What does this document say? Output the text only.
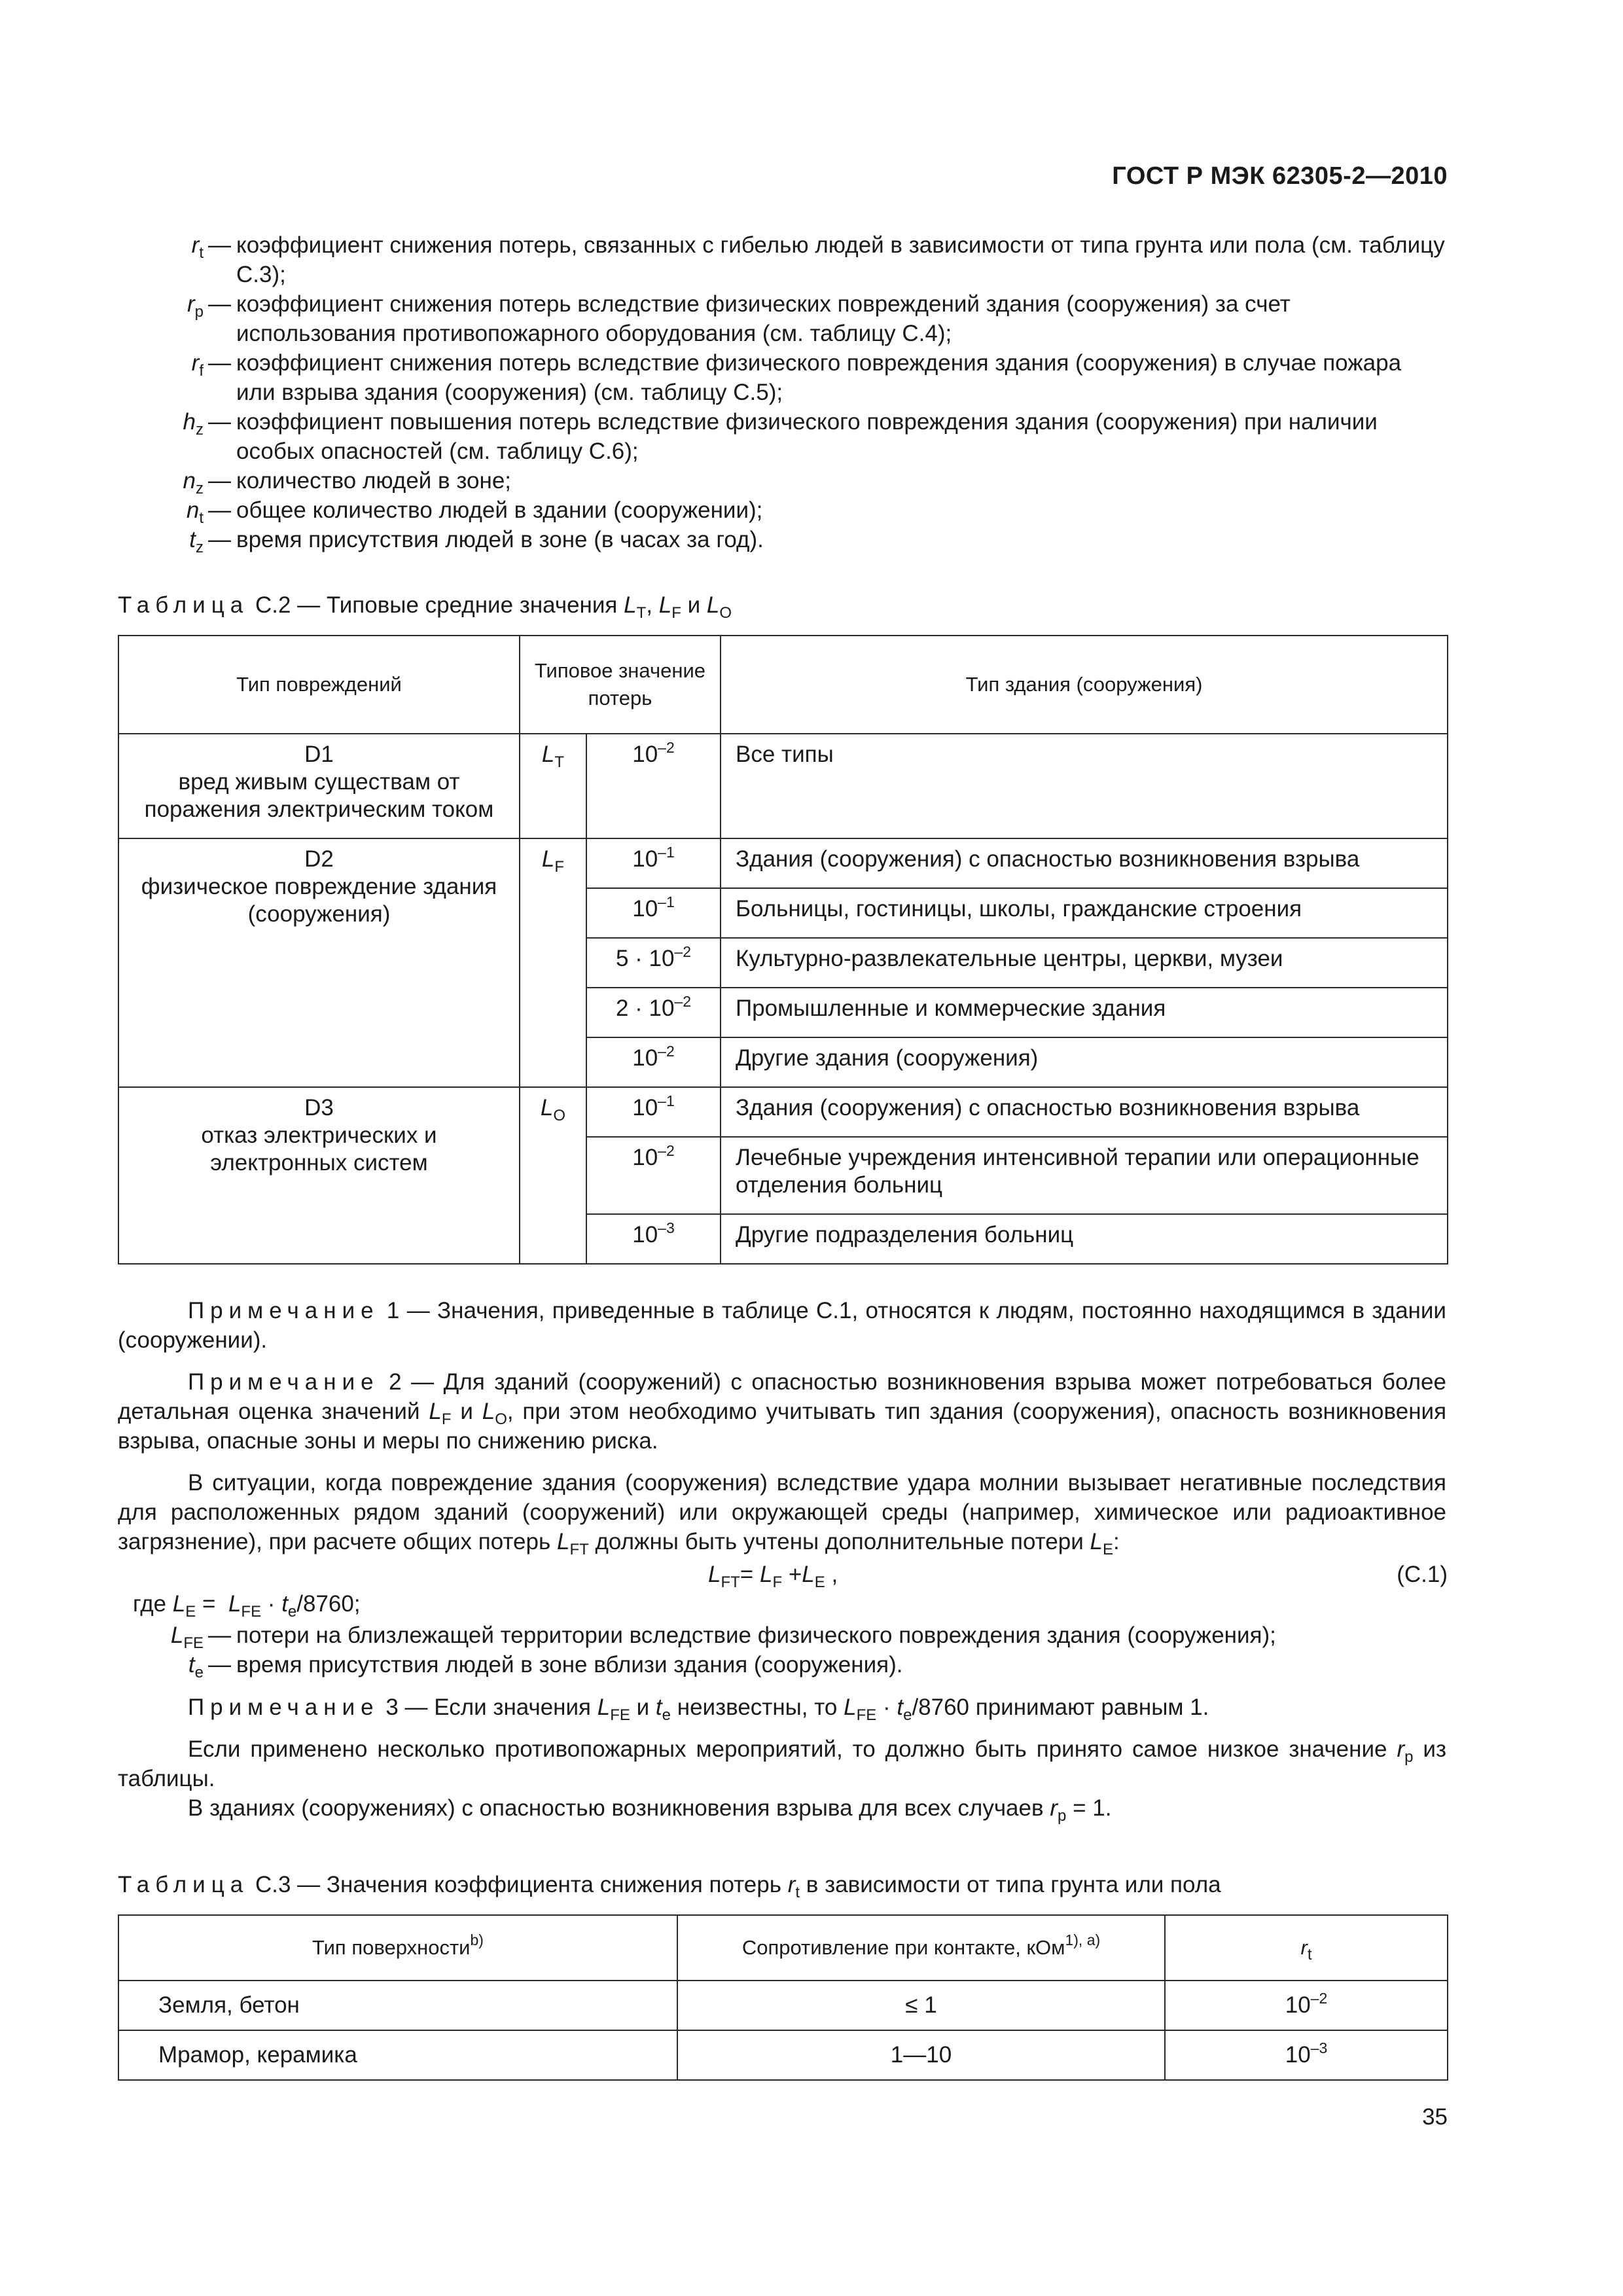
ГОСТ Р МЭК 62305-2—2010
$r_t$ — коэффициент снижения потерь, связанных с гибелью людей в зависимости от типа грунта или пола (см. таблицу С.3);
$r_p$ — коэффициент снижения потерь вследствие физических повреждений здания (сооружения) за счет использования противопожарного оборудования (см. таблицу С.4);
$r_f$ — коэффициент снижения потерь вследствие физического повреждения здания (сооружения) в случае пожара или взрыва здания (сооружения) (см. таблицу С.5);
$h_z$ — коэффициент повышения потерь вследствие физического повреждения здания (сооружения) при наличии особых опасностей (см. таблицу С.6);
$n_z$ — количество людей в зоне;
$n_t$ — общее количество людей в здании (сооружении);
$t_z$ — время присутствия людей в зоне (в часах за год).
Таблица С.2 — Типовые средние значения $L_T$, $L_F$ и $L_O$
Тип повреждений	Типовое значение потерь		Тип здания (сооружения)

D1
вред живым существам от поражения электрическим током	$L_T$	$10^{-2}$	Все типы

D2
физическое повреждение здания (сооружения)	$L_F$	$10^{-1}$	Здания (сооружения) с опасностью возникновения взрыва
		$10^{-1}$	Больницы, гостиницы, школы, гражданские строения
		$5 \cdot 10^{-2}$	Культурно-развлекательные центры, церкви, музеи
		$2 \cdot 10^{-2}$	Промышленные и коммерческие здания
		$10^{-2}$	Другие здания (сооружения)

D3
отказ электрических и электронных систем	$L_O$	$10^{-1}$	Здания (сооружения) с опасностью возникновения взрыва
		$10^{-2}$	Лечебные учреждения интенсивной терапии или операционные отделения больниц
		$10^{-3}$	Другие подразделения больниц

Примечание 1 — Значения, приведенные в таблице С.1, относятся к людям, постоянно находящимся в здании (сооружении).

Примечание 2 — Для зданий (сооружений) с опасностью возникновения взрыва может потребоваться более детальная оценка значений $L_F$ и $L_O$, при этом необходимо учитывать тип здания (сооружения), опасность возникновения взрыва, опасные зоны и меры по снижению риска.

В ситуации, когда повреждение здания (сооружения) вследствие удара молнии вызывает негативные последствия для расположенных рядом зданий (сооружений) или окружающей среды (например, химическое или радиоактивное загрязнение), при расчете общих потерь $L_{FT}$ должны быть учтены дополнительные потери $L_E$:

$L_{FT}= L_F +L_E$ ,	(С.1)
где $L_E = L_{FE} \cdot t_e/8760$;
$L_{FE}$ — потери на близлежащей территории вследствие физического повреждения здания (сооружения);
$t_e$ — время присутствия людей в зоне вблизи здания (сооружения).

Примечание 3 — Если значения $L_{FE}$ и $t_e$ неизвестны, то $L_{FE} \cdot t_e/8760$ принимают равным 1.

Если применено несколько противопожарных мероприятий, то должно быть принято самое низкое значение $r_p$ из таблицы.

В зданиях (сооружениях) с опасностью возникновения взрыва для всех случаев $r_p = 1$.

Таблица С.3 — Значения коэффициента снижения потерь $r_t$ в зависимости от типа грунта или пола
Тип поверхности$^{b)}$	Сопротивление при контакте, кОм$^{1), a)}$	$r_t$
Земля, бетон	≤ 1	$10^{-2}$
Мрамор, керамика	1—10	$10^{-3}$
35
